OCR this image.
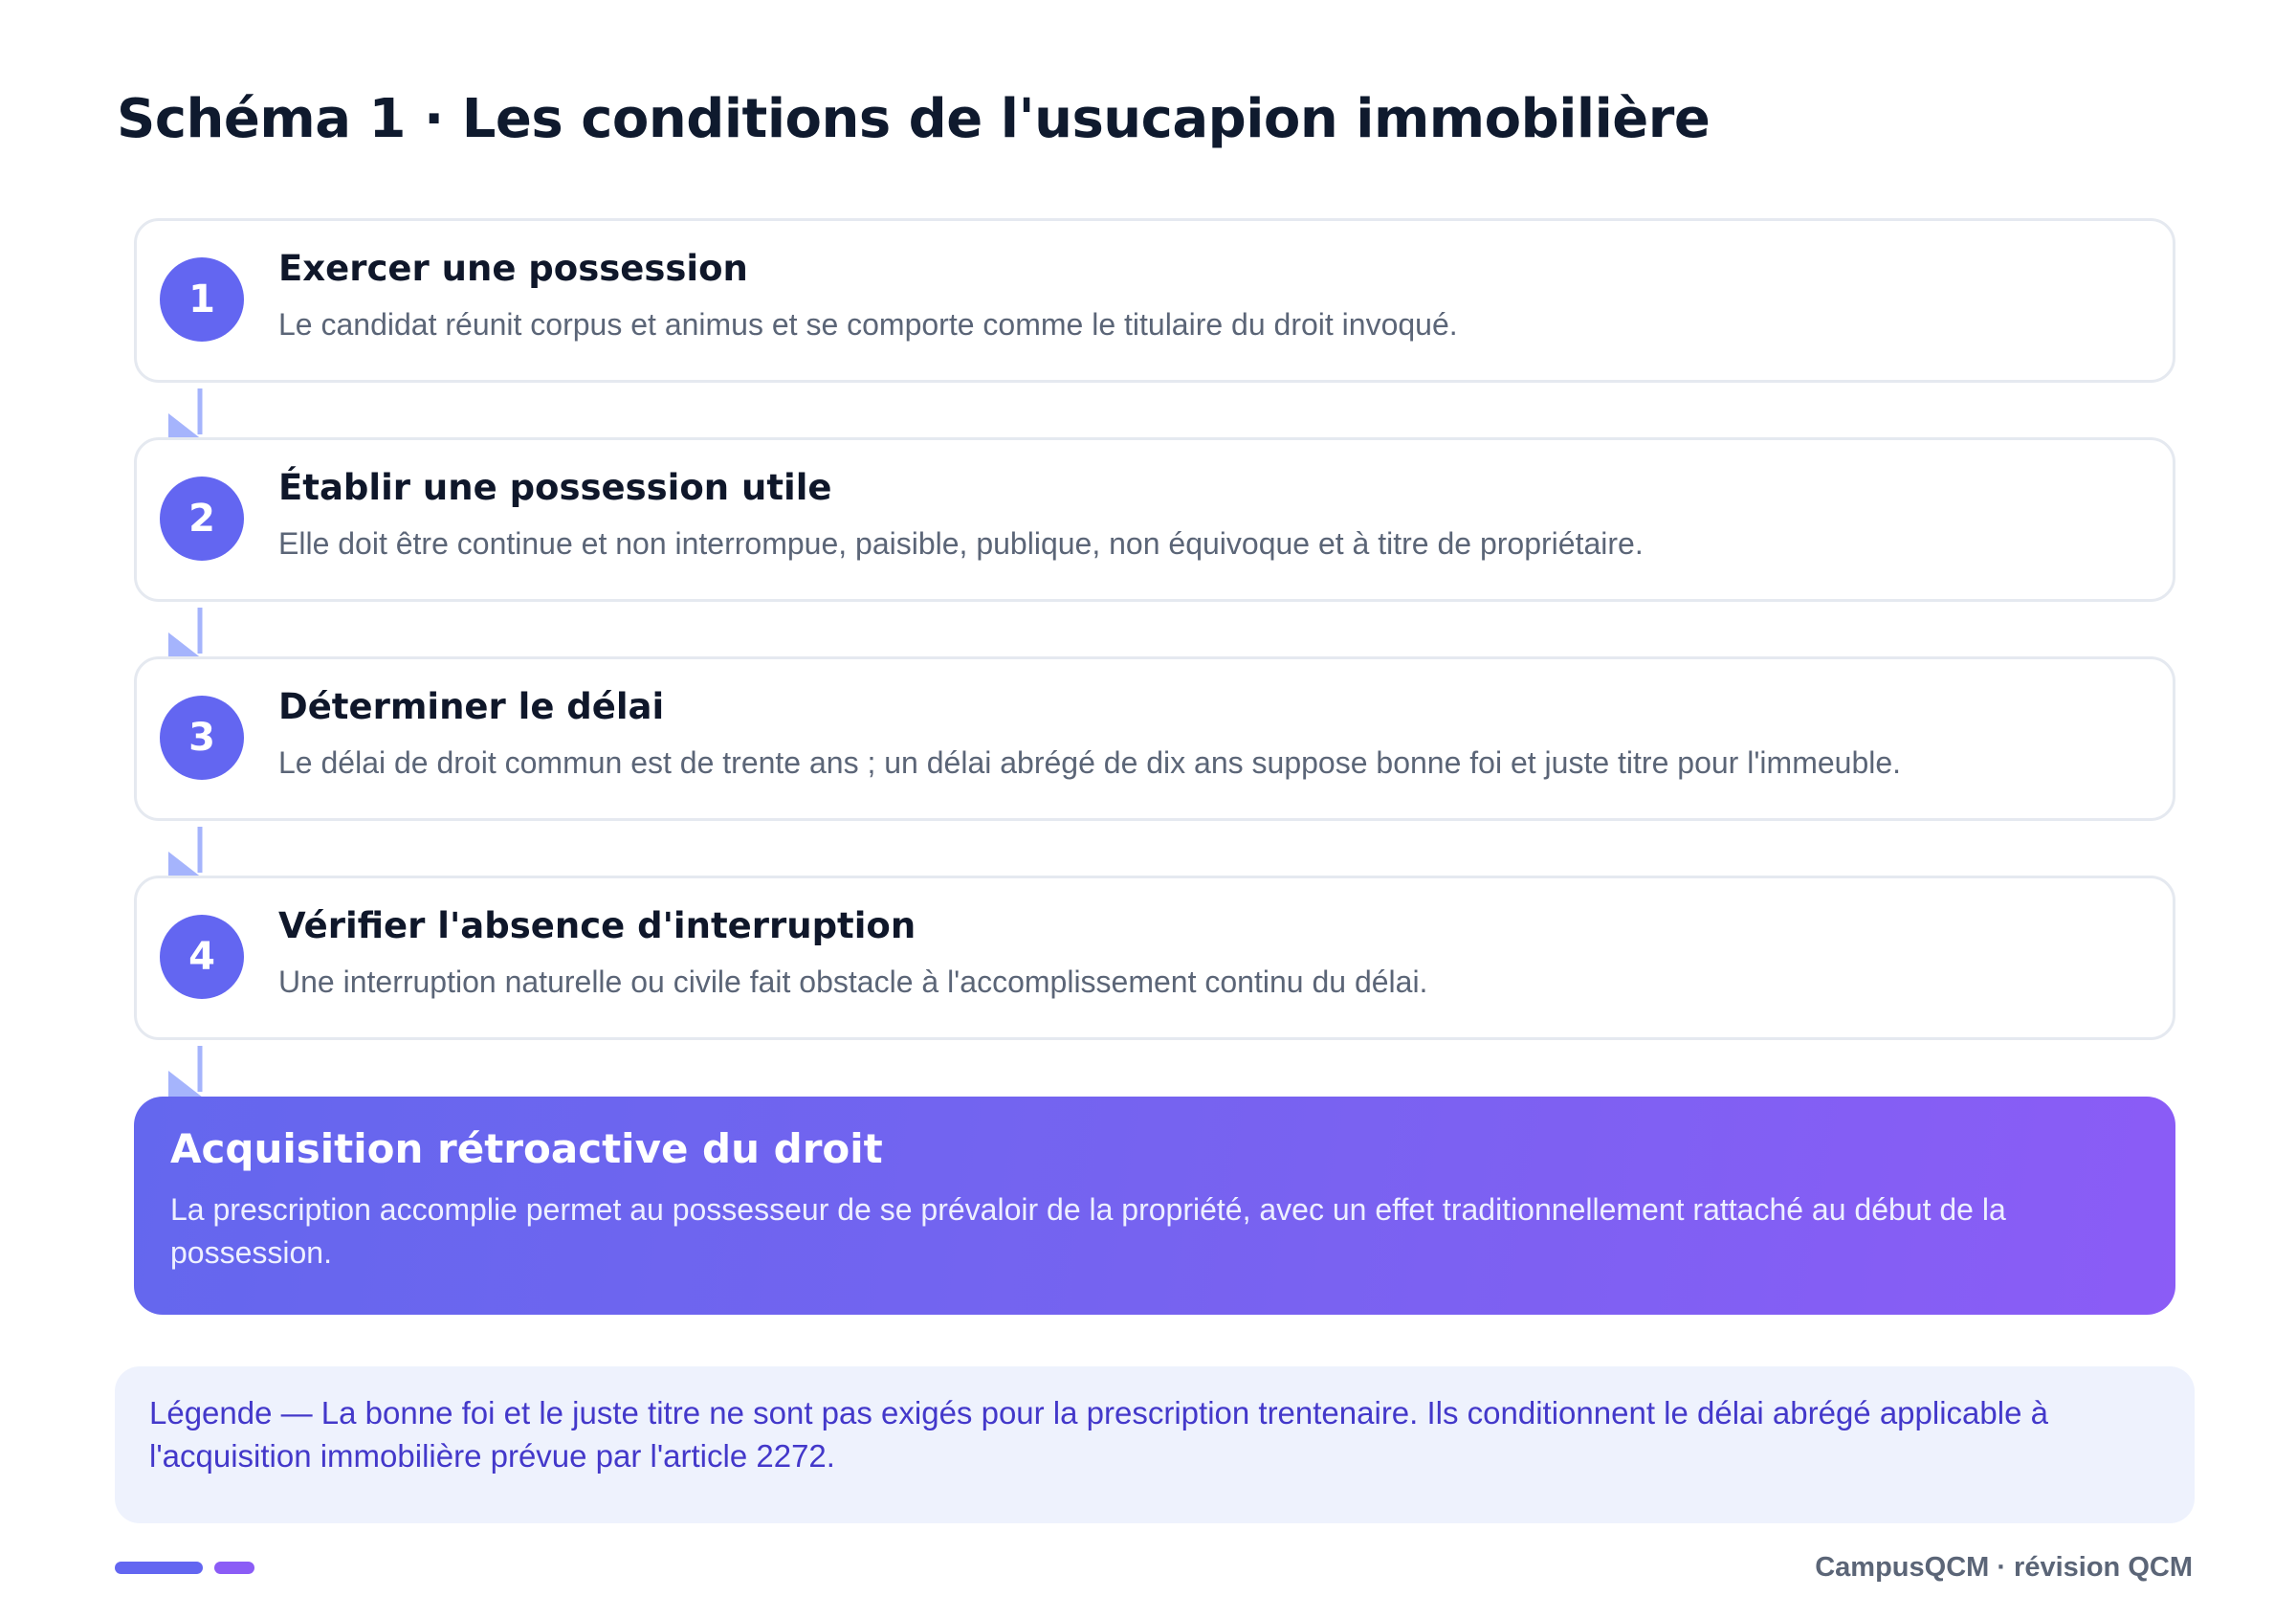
Schéma 1 · Les conditions de l'usucapion immobilière
1
Exercer une possession
Le candidat réunit corpus et animus et se comporte comme le titulaire du droit invoqué.
2
Établir une possession utile
Elle doit être continue et non interrompue, paisible, publique, non équivoque et à titre de propriétaire.
3
Déterminer le délai
Le délai de droit commun est de trente ans ; un délai abrégé de dix ans suppose bonne foi et juste titre pour l'immeuble.
4
Vérifier l'absence d'interruption
Une interruption naturelle ou civile fait obstacle à l'accomplissement continu du délai.
Acquisition rétroactive du droit
La prescription accomplie permet au possesseur de se prévaloir de la propriété, avec un effet traditionnellement rattaché au début de la possession.
Légende — La bonne foi et le juste titre ne sont pas exigés pour la prescription trentenaire. Ils conditionnent le délai abrégé applicable à l'acquisition immobilière prévue par l'article 2272.
CampusQCM · révision QCM
